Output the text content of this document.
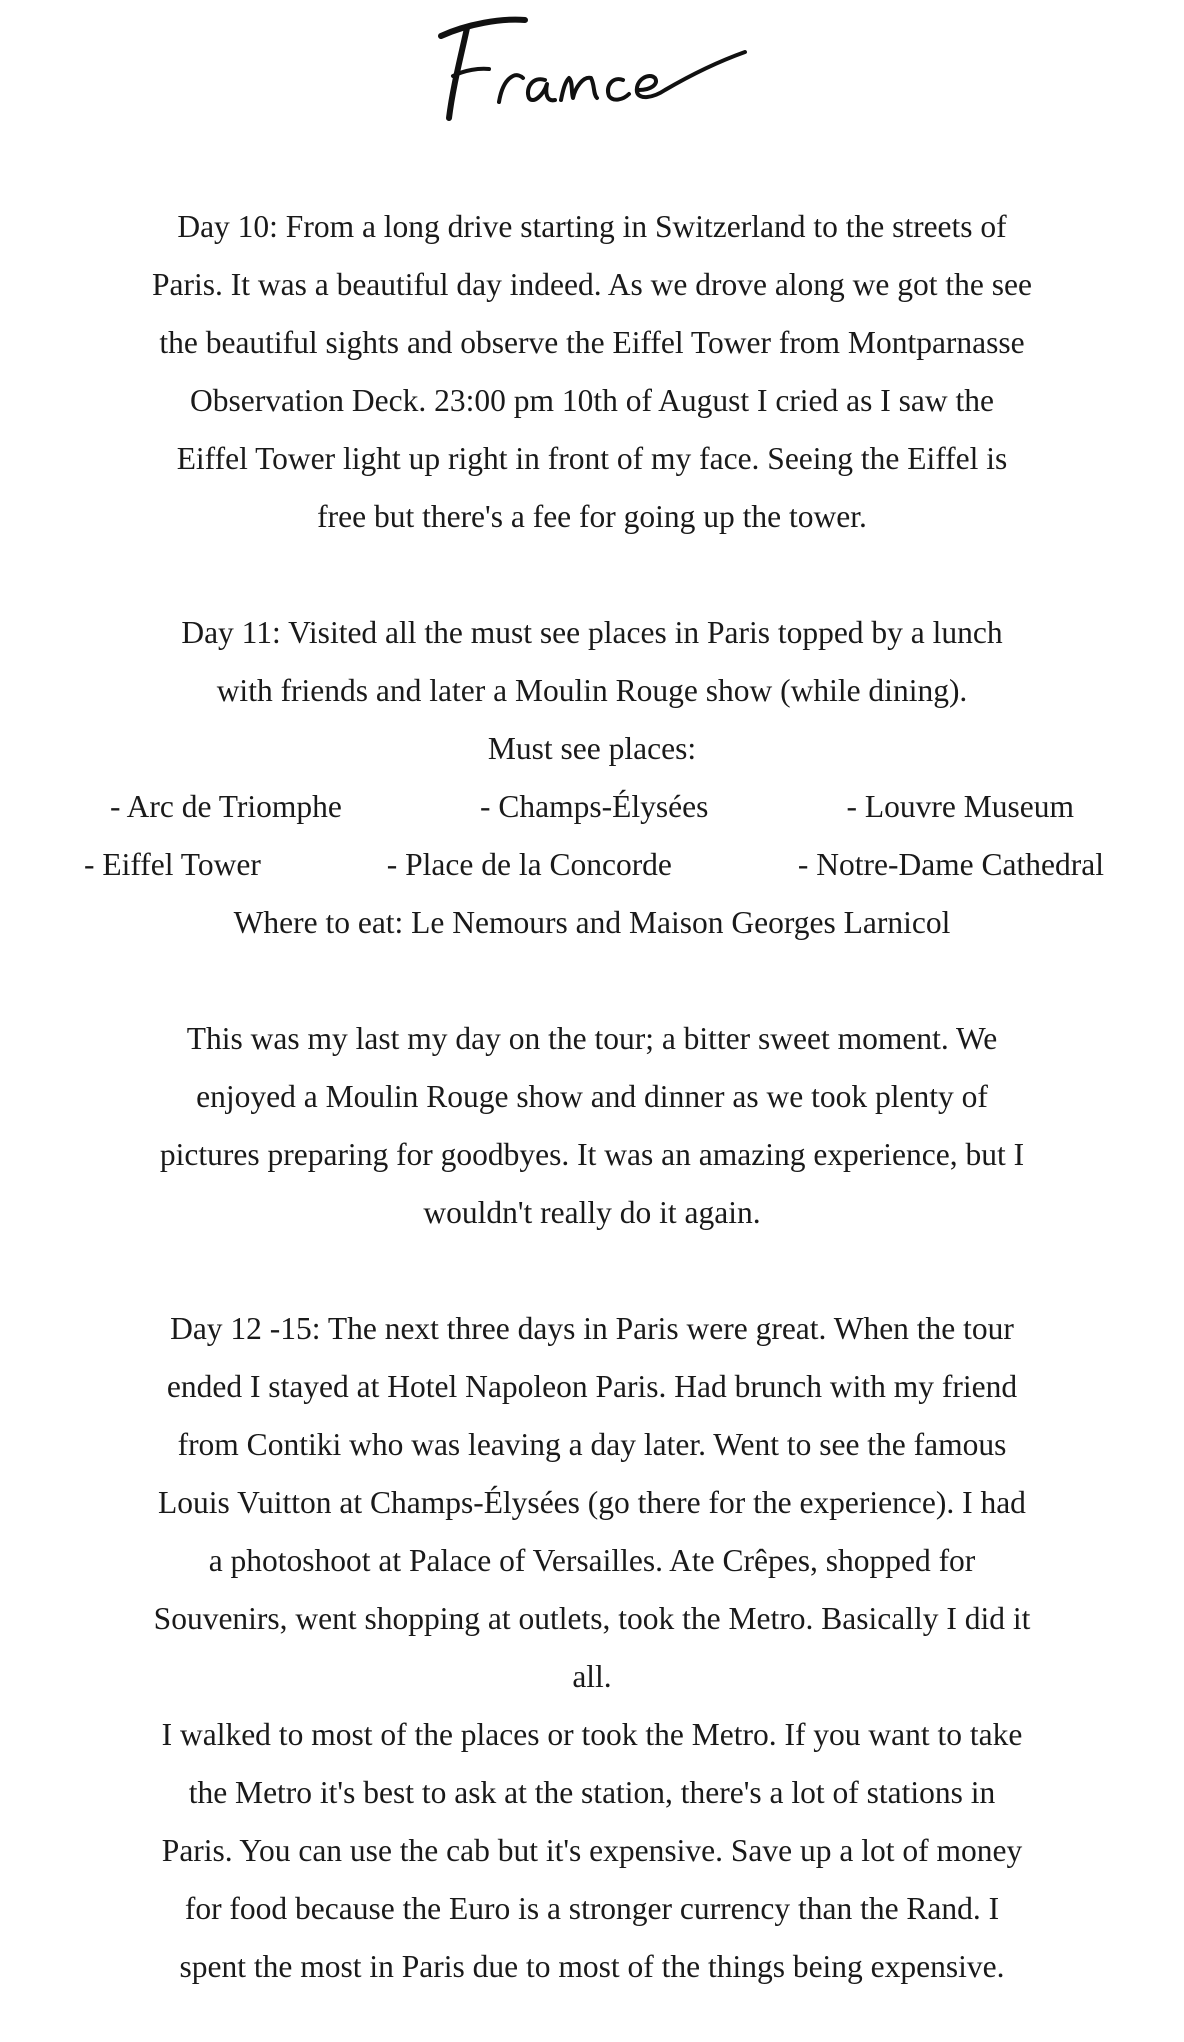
Day 10: From a long drive starting in Switzerland to the streets of
Paris. It was a beautiful day indeed. As we drove along we got the see
the beautiful sights and observe the Eiffel Tower from Montparnasse
Observation Deck. 23:00 pm 10th of August I cried as I saw the
Eiffel Tower light up right in front of my face. Seeing the Eiffel is
free but there's a fee for going up the tower.
Day 11: Visited all the must see places in Paris topped by a lunch
with friends and later a Moulin Rouge show (while dining).
Must see places:
- Arc de Triomphe	- Champs-Élysées	- Louvre Museum
- Eiffel Tower	- Place de la Concorde	- Notre-Dame Cathedral
Where to eat: Le Nemours and Maison Georges Larnicol
This was my last my day on the tour; a bitter sweet moment. We
enjoyed a Moulin Rouge show and dinner as we took plenty of
pictures preparing for goodbyes. It was an amazing experience, but I
wouldn't really do it again.
Day 12 -15: The next three days in Paris were great. When the tour
ended I stayed at Hotel Napoleon Paris. Had brunch with my friend
from Contiki who was leaving a day later. Went to see the famous
Louis Vuitton at Champs-Élysées (go there for the experience). I had
a photoshoot at Palace of Versailles. Ate Crêpes, shopped for
Souvenirs, went shopping at outlets, took the Metro. Basically I did it
all.
I walked to most of the places or took the Metro. If you want to take
the Metro it's best to ask at the station, there's a lot of stations in
Paris. You can use the cab but it's expensive. Save up a lot of money
for food because the Euro is a stronger currency than the Rand. I
spent the most in Paris due to most of the things being expensive.
